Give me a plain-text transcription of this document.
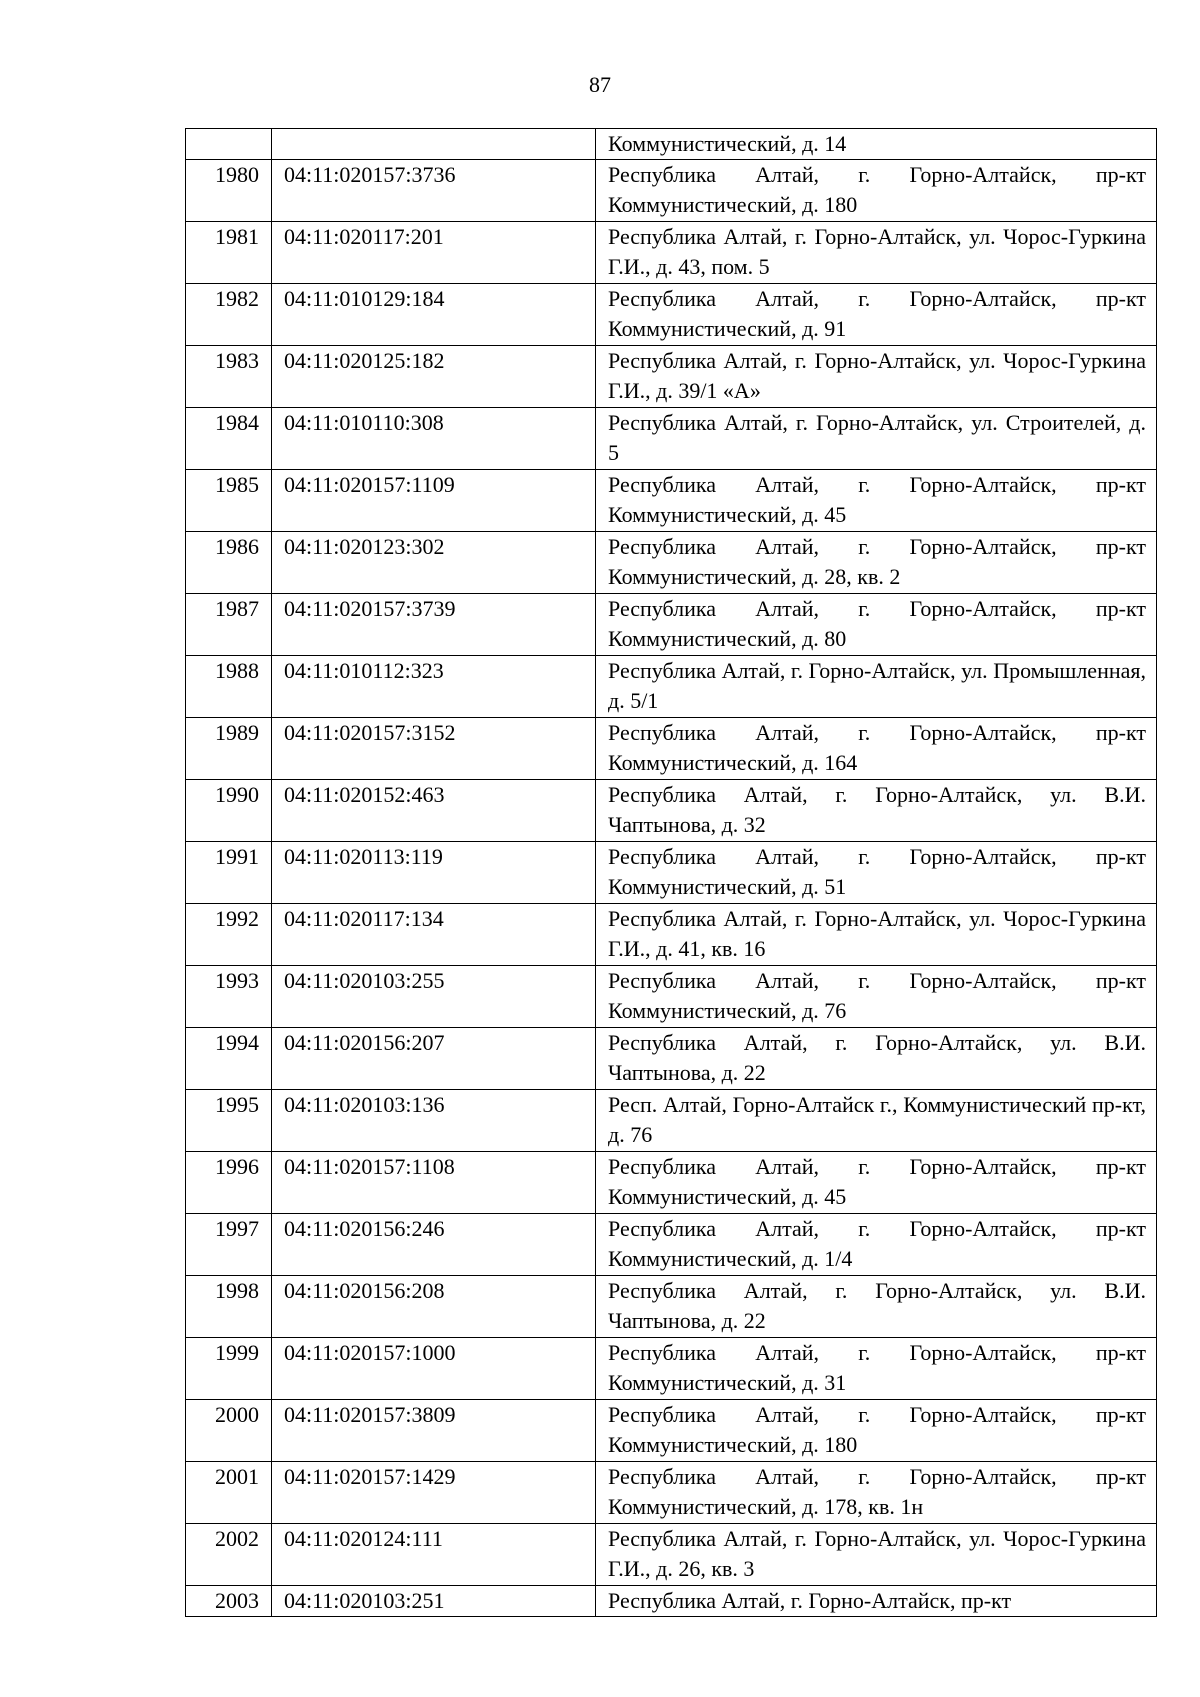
87
		Коммунистический, д. 14
1980	04:11:020157:3736	Республика Алтай, г. Горно-Алтайск, пр-кт Коммунистический, д. 180
1981	04:11:020117:201	Республика Алтай, г. Горно-Алтайск, ул. Чорос-Гуркина Г.И., д. 43, пом. 5
1982	04:11:010129:184	Республика Алтай, г. Горно-Алтайск, пр-кт Коммунистический, д. 91
1983	04:11:020125:182	Республика Алтай, г. Горно-Алтайск, ул. Чорос-Гуркина Г.И., д. 39/1 «А»
1984	04:11:010110:308	Республика Алтай, г. Горно-Алтайск, ул. Строителей, д. 5
1985	04:11:020157:1109	Республика Алтай, г. Горно-Алтайск, пр-кт Коммунистический, д. 45
1986	04:11:020123:302	Республика Алтай, г. Горно-Алтайск, пр-кт Коммунистический, д. 28, кв. 2
1987	04:11:020157:3739	Республика Алтай, г. Горно-Алтайск, пр-кт Коммунистический, д. 80
1988	04:11:010112:323	Республика Алтай, г. Горно-Алтайск, ул. Промышленная, д. 5/1
1989	04:11:020157:3152	Республика Алтай, г. Горно-Алтайск, пр-кт Коммунистический, д. 164
1990	04:11:020152:463	Республика Алтай, г. Горно-Алтайск, ул. В.И. Чаптынова, д. 32
1991	04:11:020113:119	Республика Алтай, г. Горно-Алтайск, пр-кт Коммунистический, д. 51
1992	04:11:020117:134	Республика Алтай, г. Горно-Алтайск, ул. Чорос-Гуркина Г.И., д. 41, кв. 16
1993	04:11:020103:255	Республика Алтай, г. Горно-Алтайск, пр-кт Коммунистический, д. 76
1994	04:11:020156:207	Республика Алтай, г. Горно-Алтайск, ул. В.И. Чаптынова, д. 22
1995	04:11:020103:136	Респ. Алтай, Горно-Алтайск г., Коммунистический пр-кт, д. 76
1996	04:11:020157:1108	Республика Алтай, г. Горно-Алтайск, пр-кт Коммунистический, д. 45
1997	04:11:020156:246	Республика Алтай, г. Горно-Алтайск, пр-кт Коммунистический, д. 1/4
1998	04:11:020156:208	Республика Алтай, г. Горно-Алтайск, ул. В.И. Чаптынова, д. 22
1999	04:11:020157:1000	Республика Алтай, г. Горно-Алтайск, пр-кт Коммунистический, д. 31
2000	04:11:020157:3809	Республика Алтай, г. Горно-Алтайск, пр-кт Коммунистический, д. 180
2001	04:11:020157:1429	Республика Алтай, г. Горно-Алтайск, пр-кт Коммунистический, д. 178, кв. 1н
2002	04:11:020124:111	Республика Алтай, г. Горно-Алтайск, ул. Чорос-Гуркина Г.И., д. 26, кв. 3
2003	04:11:020103:251	Республика Алтай, г. Горно-Алтайск, пр-кт
